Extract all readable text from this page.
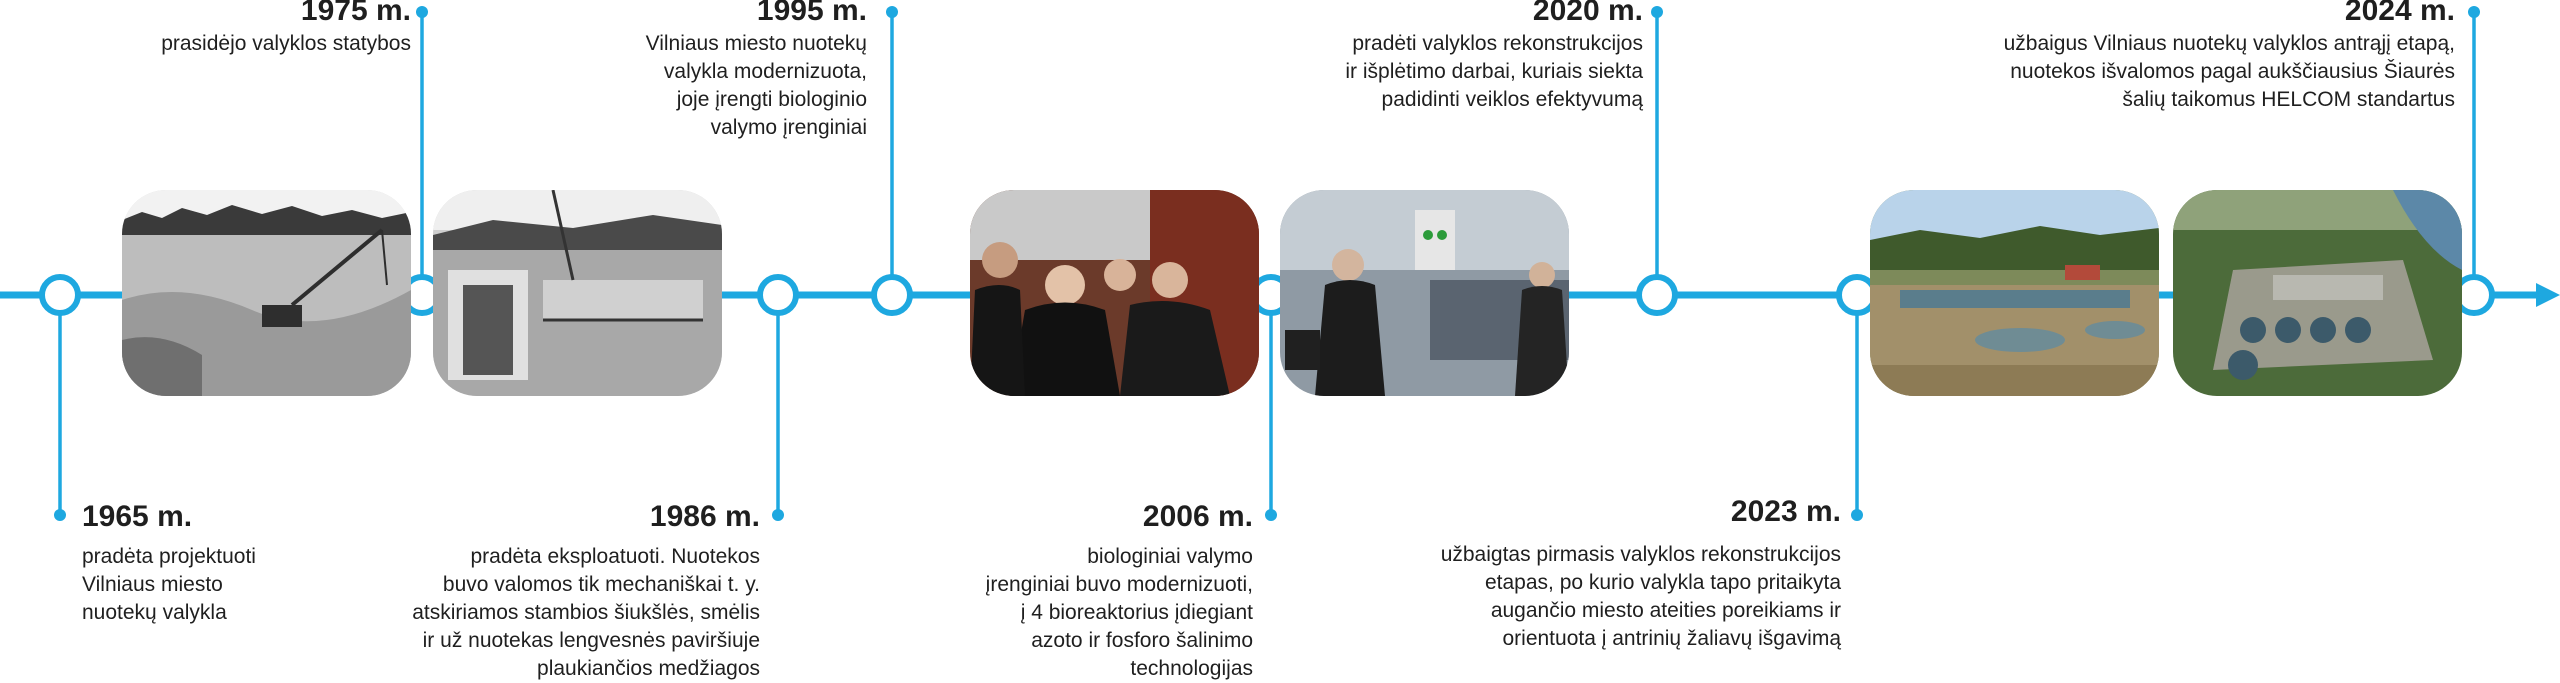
1965 m.
pradėta projektuoti
Vilniaus miesto
nuotekų valykla
1975 m.
prasidėjo valyklos statybos
1986 m.
pradėta eksploatuoti. Nuotekos
buvo valomos tik mechaniškai t. y.
atskiriamos stambios šiukšlės, smėlis
ir už nuotekas lengvesnės paviršiuje
plaukiančios medžiagos
1995 m.
Vilniaus miesto nuotekų
valykla modernizuota,
joje įrengti biologinio
valymo įrenginiai
2006 m.
biologiniai valymo
įrenginiai buvo modernizuoti,
į 4 bioreaktorius įdiegiant
azoto ir fosforo šalinimo
technologijas
2020 m.
pradėti valyklos rekonstrukcijos
ir išplėtimo darbai, kuriais siekta
padidinti veiklos efektyvumą
2023 m.
užbaigtas pirmasis valyklos rekonstrukcijos
etapas, po kurio valykla tapo pritaikyta
augančio miesto ateities poreikiams ir
orientuota į antrinių žaliavų išgavimą
2024 m.
užbaigus Vilniaus nuotekų valyklos antrąjį etapą,
nuotekos išvalomos pagal aukščiausius Šiaurės
šalių taikomus HELCOM standartus
